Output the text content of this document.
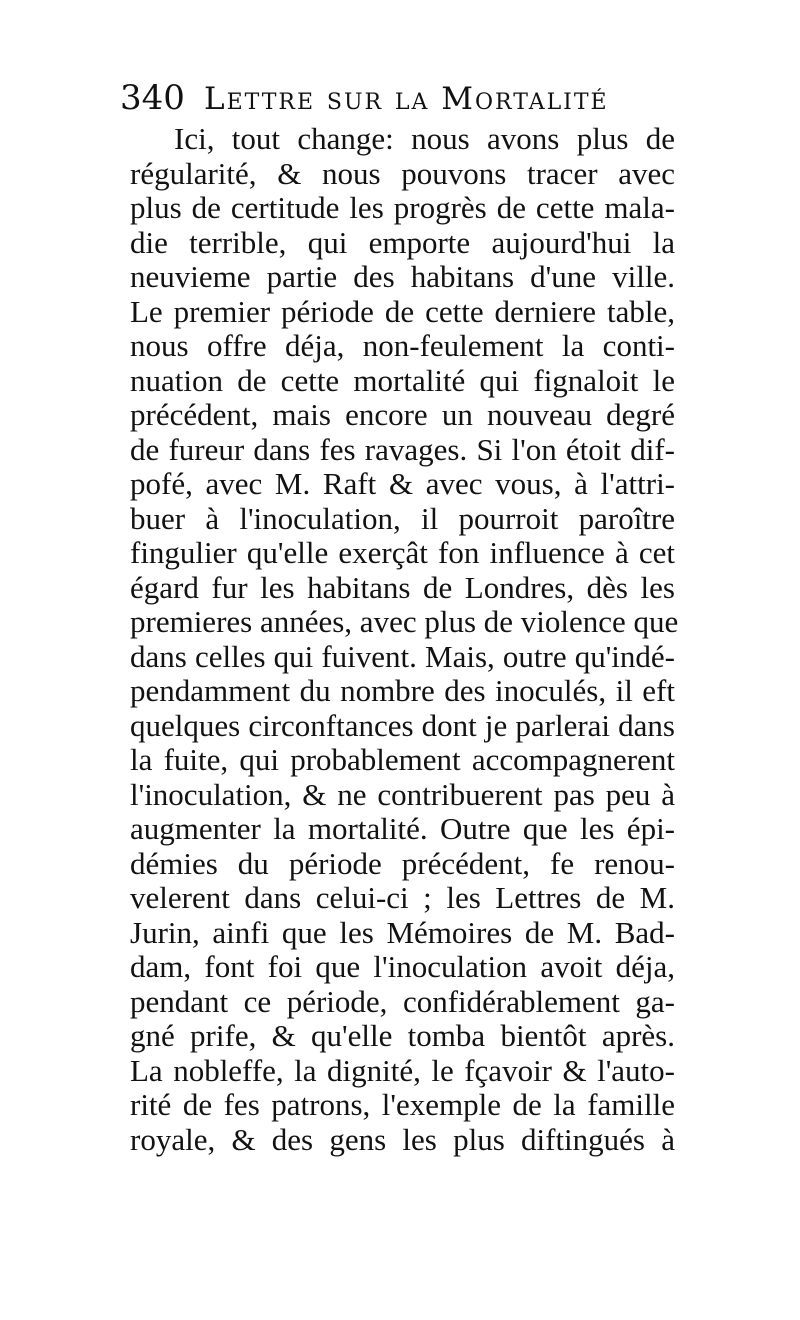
340 Lettre sur la Mortalité
Ici, tout change: nous avons plus de
régularité, & nous pouvons tracer avec
plus de certitude les progrès de cette mala-
die terrible, qui emporte aujourd'hui la
neuvieme partie des habitans d'une ville.
Le premier période de cette derniere table,
nous offre déja, non-feulement la conti-
nuation de cette mortalité qui fignaloit le
précédent, mais encore un nouveau degré
de fureur dans fes ravages. Si l'on étoit dif-
pofé, avec M. Raft & avec vous, à l'attri-
buer à l'inoculation, il pourroit paroître
fingulier qu'elle exerçât fon influence à cet
égard fur les habitans de Londres, dès les
premieres années, avec plus de violence que
dans celles qui fuivent. Mais, outre qu'indé-
pendamment du nombre des inoculés, il eft
quelques circonftances dont je parlerai dans
la fuite, qui probablement accompagnerent
l'inoculation, & ne contribuerent pas peu à
augmenter la mortalité. Outre que les épi-
démies du période précédent, fe renou-
velerent dans celui-ci ; les Lettres de M.
Jurin, ainfi que les Mémoires de M. Bad-
dam, font foi que l'inoculation avoit déja,
pendant ce période, confidérablement ga-
gné prife, & qu'elle tomba bientôt après.
La nobleffe, la dignité, le fçavoir & l'auto-
rité de fes patrons, l'exemple de la famille
royale, & des gens les plus diftingués à
